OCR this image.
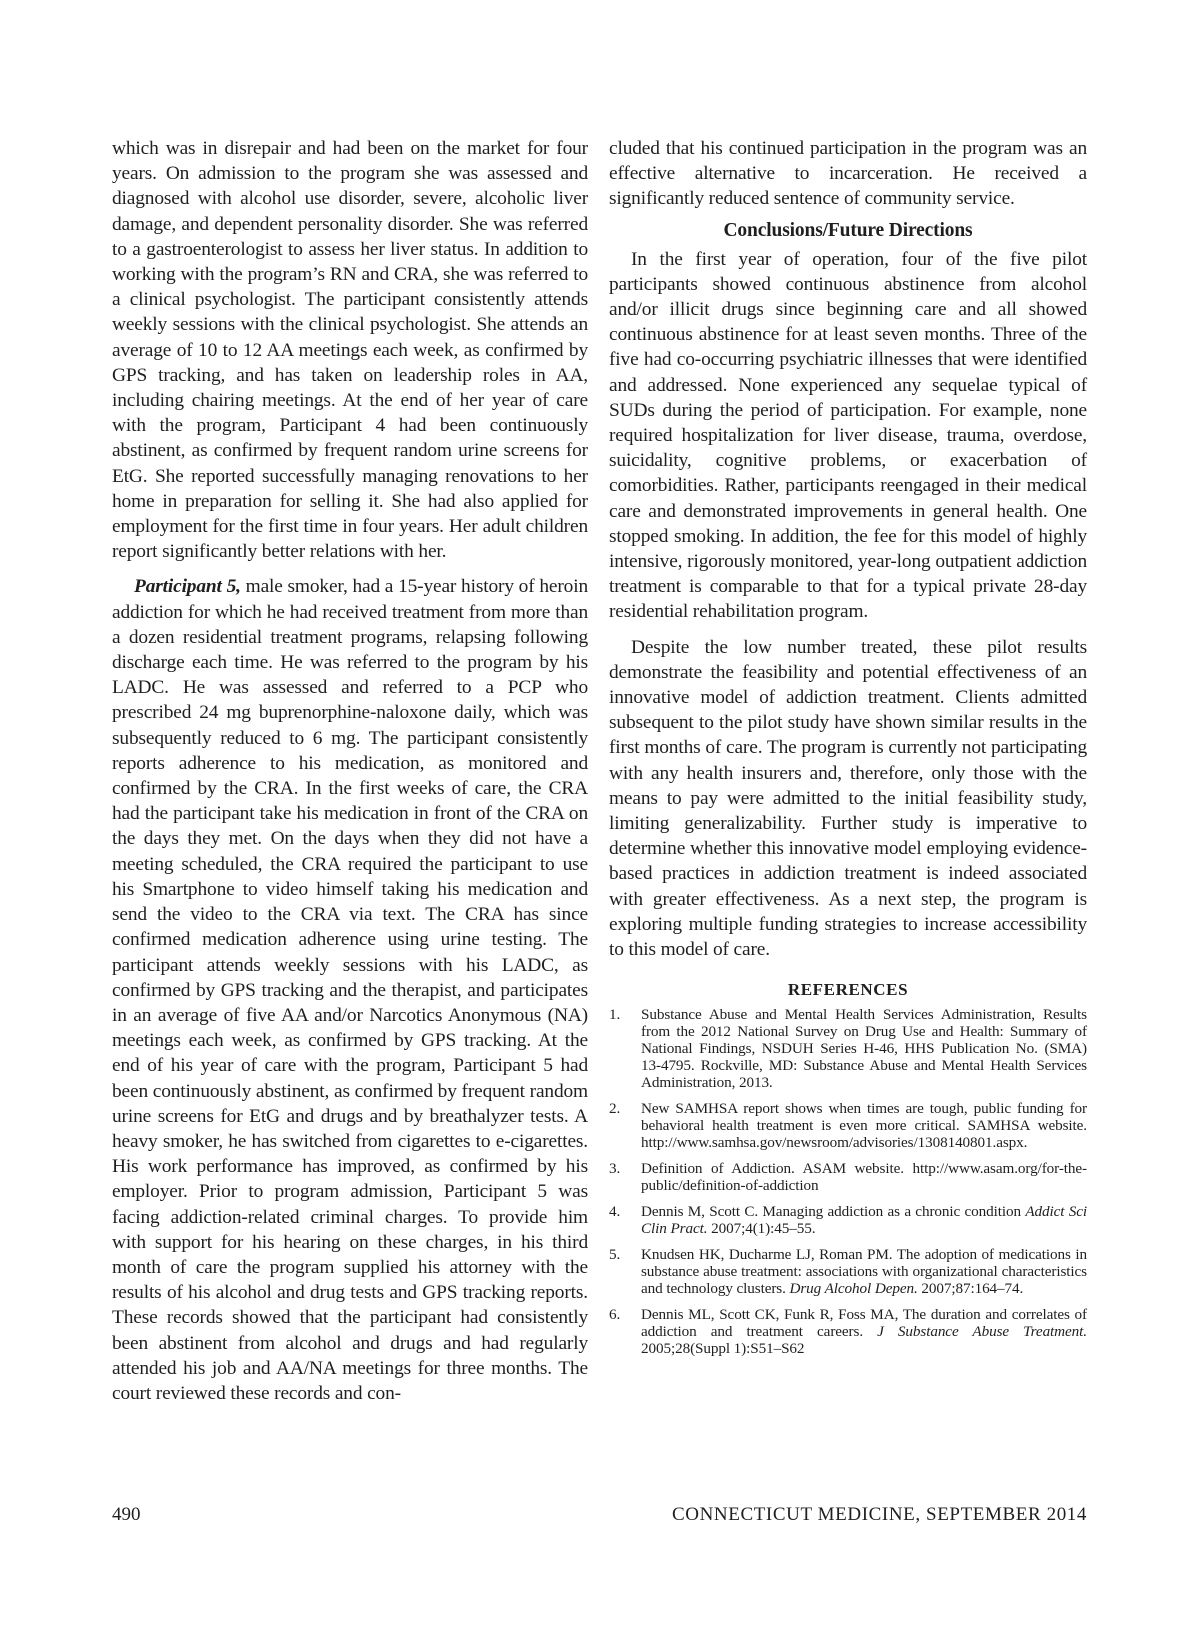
which was in disrepair and had been on the market for four years. On admission to the program she was assessed and diagnosed with alcohol use disorder, severe, alcoholic liver damage, and dependent personality disorder. She was referred to a gastroenterologist to assess her liver status. In addition to working with the program’s RN and CRA, she was referred to a clinical psychologist. The participant consistently attends weekly sessions with the clinical psychologist. She attends an average of 10 to 12 AA meetings each week, as confirmed by GPS tracking, and has taken on leadership roles in AA, including chairing meetings. At the end of her year of care with the program, Participant 4 had been continuously abstinent, as confirmed by frequent random urine screens for EtG. She reported successfully managing renovations to her home in preparation for selling it. She had also applied for employment for the first time in four years. Her adult children report significantly better relations with her.

Participant 5, male smoker, had a 15-year history of heroin addiction for which he had received treatment from more than a dozen residential treatment programs, relapsing following discharge each time. He was referred to the program by his LADC. He was assessed and referred to a PCP who prescribed 24 mg buprenorphine-naloxone daily, which was subsequently reduced to 6 mg. The participant consistently reports adherence to his medication, as monitored and confirmed by the CRA. In the first weeks of care, the CRA had the participant take his medication in front of the CRA on the days they met. On the days when they did not have a meeting scheduled, the CRA required the participant to use his Smartphone to video himself taking his medication and send the video to the CRA via text. The CRA has since confirmed medication adherence using urine testing. The participant attends weekly sessions with his LADC, as confirmed by GPS tracking and the therapist, and participates in an average of five AA and/or Narcotics Anonymous (NA) meetings each week, as confirmed by GPS tracking. At the end of his year of care with the program, Participant 5 had been continuously abstinent, as confirmed by frequent random urine screens for EtG and drugs and by breathalyzer tests. A heavy smoker, he has switched from cigarettes to e-cigarettes. His work performance has improved, as confirmed by his employer. Prior to program admission, Participant 5 was facing addiction-related criminal charges. To provide him with support for his hearing on these charges, in his third month of care the program supplied his attorney with the results of his alcohol and drug tests and GPS tracking reports. These records showed that the participant had consistently been abstinent from alcohol and drugs and had regularly attended his job and AA/NA meetings for three months. The court reviewed these records and con-

cluded that his continued participation in the program was an effective alternative to incarceration. He received a significantly reduced sentence of community service.

Conclusions/Future Directions

In the first year of operation, four of the five pilot participants showed continuous abstinence from alcohol and/or illicit drugs since beginning care and all showed continuous abstinence for at least seven months. Three of the five had co-occurring psychiatric illnesses that were identified and addressed. None experienced any sequelae typical of SUDs during the period of participation. For example, none required hospitalization for liver disease, trauma, overdose, suicidality, cognitive problems, or exacerbation of comorbidities. Rather, participants reengaged in their medical care and demonstrated improvements in general health. One stopped smoking. In addition, the fee for this model of highly intensive, rigorously monitored, year-long outpatient addiction treatment is comparable to that for a typical private 28-day residential rehabilitation program.

Despite the low number treated, these pilot results demonstrate the feasibility and potential effectiveness of an innovative model of addiction treatment. Clients admitted subsequent to the pilot study have shown similar results in the first months of care. The program is currently not participating with any health insurers and, therefore, only those with the means to pay were admitted to the initial feasibility study, limiting generalizability. Further study is imperative to determine whether this innovative model employing evidence-based practices in addiction treatment is indeed associated with greater effectiveness. As a next step, the program is exploring multiple funding strategies to increase accessibility to this model of care.

REFERENCES
1.	Substance Abuse and Mental Health Services Administration, Results from the 2012 National Survey on Drug Use and Health: Summary of National Findings, NSDUH Series H-46, HHS Publication No. (SMA) 13-4795. Rockville, MD: Substance Abuse and Mental Health Services Administration, 2013.
2.	New SAMHSA report shows when times are tough, public funding for behavioral health treatment is even more critical. SAMHSA website. http://www.samhsa.gov/newsroom/advisories/1308140801.aspx.
3.	Definition of Addiction. ASAM website. http://www.asam.org/for-the-public/definition-of-addiction
4.	Dennis M, Scott C. Managing addiction as a chronic condition Addict Sci Clin Pract. 2007;4(1):45–55.
5.	Knudsen HK, Ducharme LJ, Roman PM. The adoption of medications in substance abuse treatment: associations with organizational characteristics and technology clusters. Drug Alcohol Depen. 2007;87:164–74.
6.	Dennis ML, Scott CK, Funk R, Foss MA, The duration and correlates of addiction and treatment careers. J Substance Abuse Treatment. 2005;28(Suppl 1):S51–S62
490	CONNECTICUT MEDICINE, SEPTEMBER 2014
